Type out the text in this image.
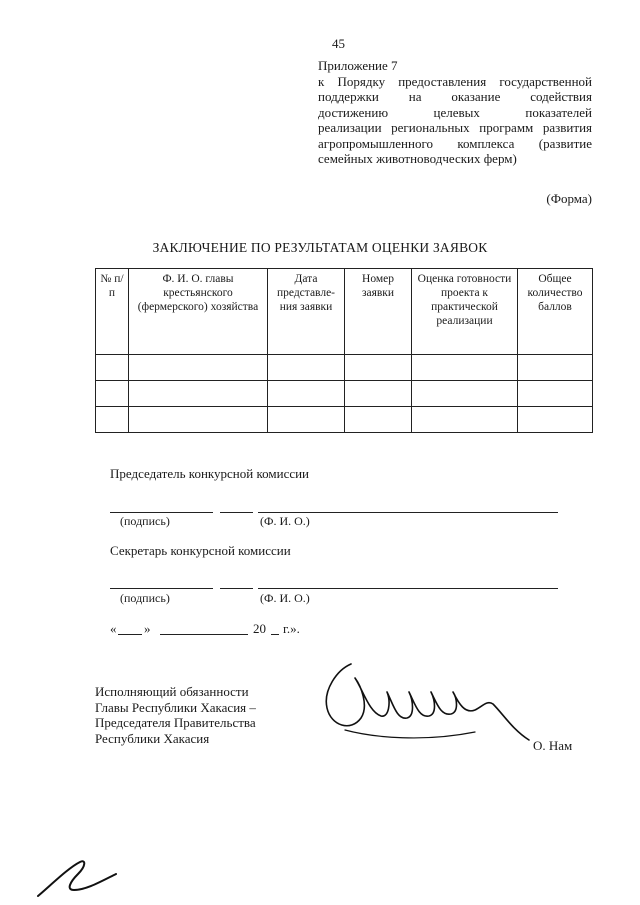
45
Приложение 7
к Порядку предоставления государственной
поддержки на оказание содействия
достижению целевых показателей
реализации региональных программ развития
агропромышленного комплекса (развитие
семейных животноводческих ферм)
(Форма)
ЗАКЛЮЧЕНИЕ ПО РЕЗУЛЬТАТАМ ОЦЕНКИ ЗАЯВОК
№ п/п	Ф. И. О. главы крестьянского (фермерского) хозяйства	Дата представле-ния заявки	Номер заявки	Оценка готовности проекта к практической реализации	Общее количество баллов

Председатель конкурсной комиссии
(подпись)	(Ф. И. О.)
Секретарь конкурсной комиссии
(подпись)	(Ф. И. О.)
« »	20 г.».
Исполняющий обязанности
Главы Республики Хакасия –
Председателя Правительства
Республики Хакасия	О. Нам
